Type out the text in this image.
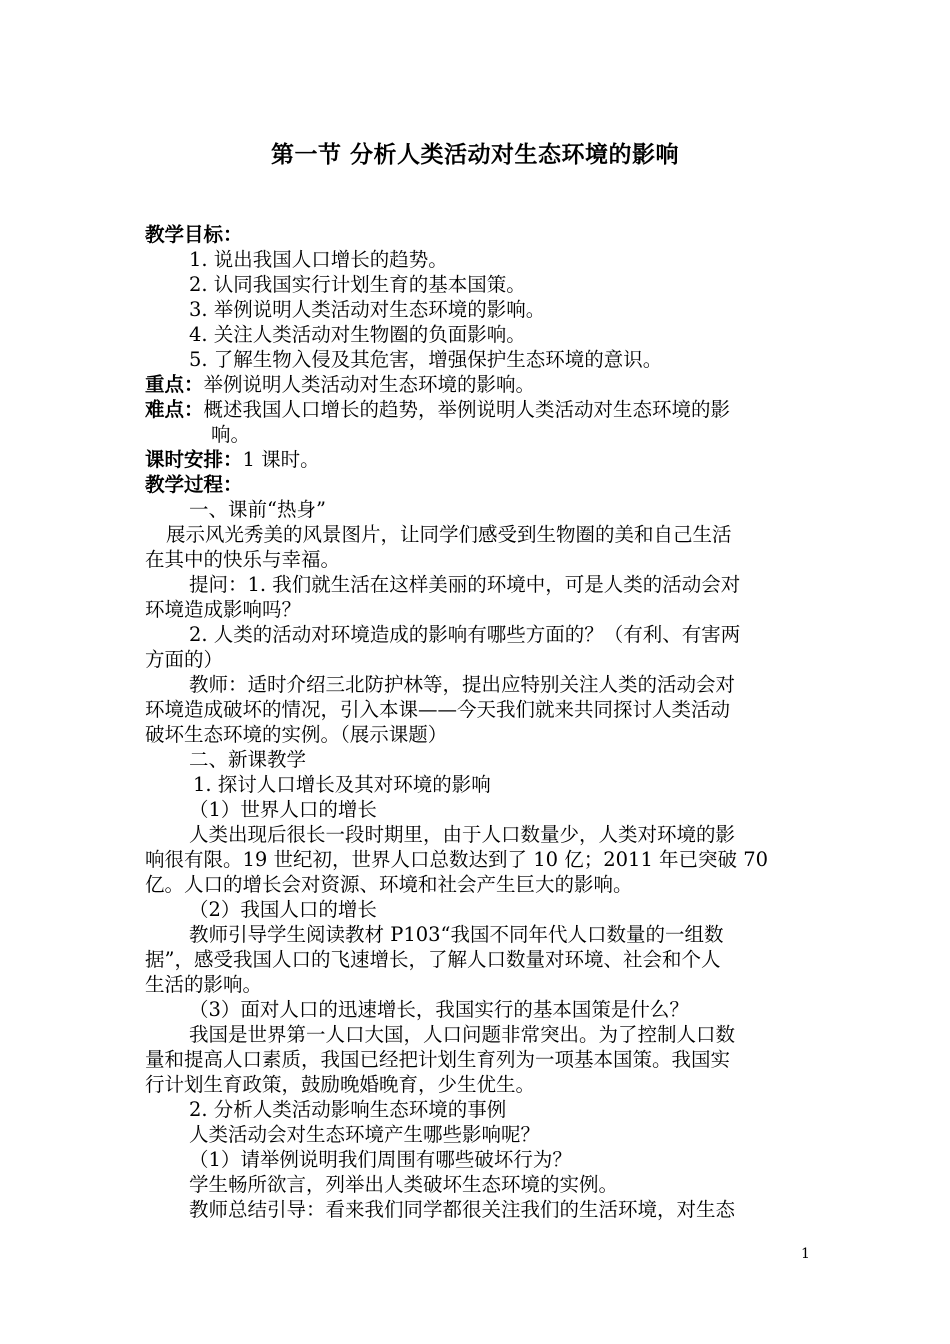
第一节 分析人类活动对生态环境的影响
教学目标：
1. 说出我国人口增长的趋势。
2. 认同我国实行计划生育的基本国策。
3. 举例说明人类活动对生态环境的影响。
4. 关注人类活动对生物圈的负面影响。
5. 了解生物入侵及其危害，增强保护生态环境的意识。
重点：举例说明人类活动对生态环境的影响。
难点：概述我国人口增长的趋势，举例说明人类活动对生态环境的影
响。
课时安排：1 课时。
教学过程：
一、课前“热身”
展示风光秀美的风景图片，让同学们感受到生物圈的美和自己生活
在其中的快乐与幸福。
提问：1. 我们就生活在这样美丽的环境中，可是人类的活动会对
环境造成影响吗？
2. 人类的活动对环境造成的影响有哪些方面的？（有利、有害两
方面的）
教师：适时介绍三北防护林等，提出应特别关注人类的活动会对
环境造成破坏的情况，引入本课——今天我们就来共同探讨人类活动
破坏生态环境的实例。（展示课题）
二、新课教学
1. 探讨人口增长及其对环境的影响
（1）世界人口的增长
人类出现后很长一段时期里，由于人口数量少，人类对环境的影
响很有限。19 世纪初，世界人口总数达到了 10 亿；2011 年已突破 70
亿。人口的增长会对资源、环境和社会产生巨大的影响。
（2）我国人口的增长
教师引导学生阅读教材 P103“我国不同年代人口数量的一组数
据”，感受我国人口的飞速增长，了解人口数量对环境、社会和个人
生活的影响。
（3）面对人口的迅速增长，我国实行的基本国策是什么？
我国是世界第一人口大国，人口问题非常突出。为了控制人口数
量和提高人口素质，我国已经把计划生育列为一项基本国策。我国实
行计划生育政策，鼓励晚婚晚育，少生优生。
2. 分析人类活动影响生态环境的事例
人类活动会对生态环境产生哪些影响呢？
（1）请举例说明我们周围有哪些破坏行为？
学生畅所欲言，列举出人类破坏生态环境的实例。
教师总结引导：看来我们同学都很关注我们的生活环境，对生态
1
